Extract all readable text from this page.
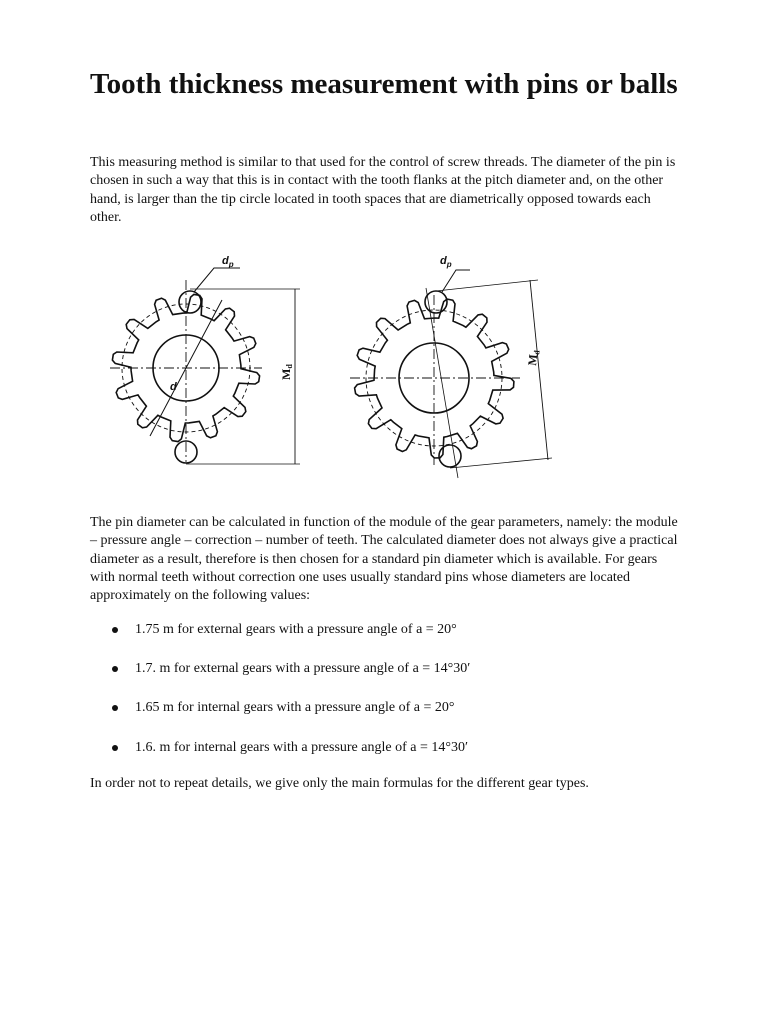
Tooth thickness measurement with pins or balls

This measuring method is similar to that used for the control of screw threads. The diameter of the pin is chosen in such a way that this is in contact with the tooth flanks at the pitch diameter and, on the other hand, is larger than the tip circle located in tooth spaces that are diametrically opposed towards each other.

$d_p$
d
Md
$d_p$
Md

The pin diameter can be calculated in function of the module of the gear parameters, namely: the module – pressure angle – correction – number of teeth. The calculated diameter does not always give a practical diameter as a result, therefore is then chosen for a standard pin diameter which is available. For gears with normal teeth without correction one uses usually standard pins whose diameters are located approximately on the following values:

1.75 m for external gears with a pressure angle of a = 20°
1.7. m for external gears with a pressure angle of a = 14°30′
1.65 m for internal gears with a pressure angle of a = 20°
1.6. m for internal gears with a pressure angle of a = 14°30′

In order not to repeat details, we give only the main formulas for the different gear types.
